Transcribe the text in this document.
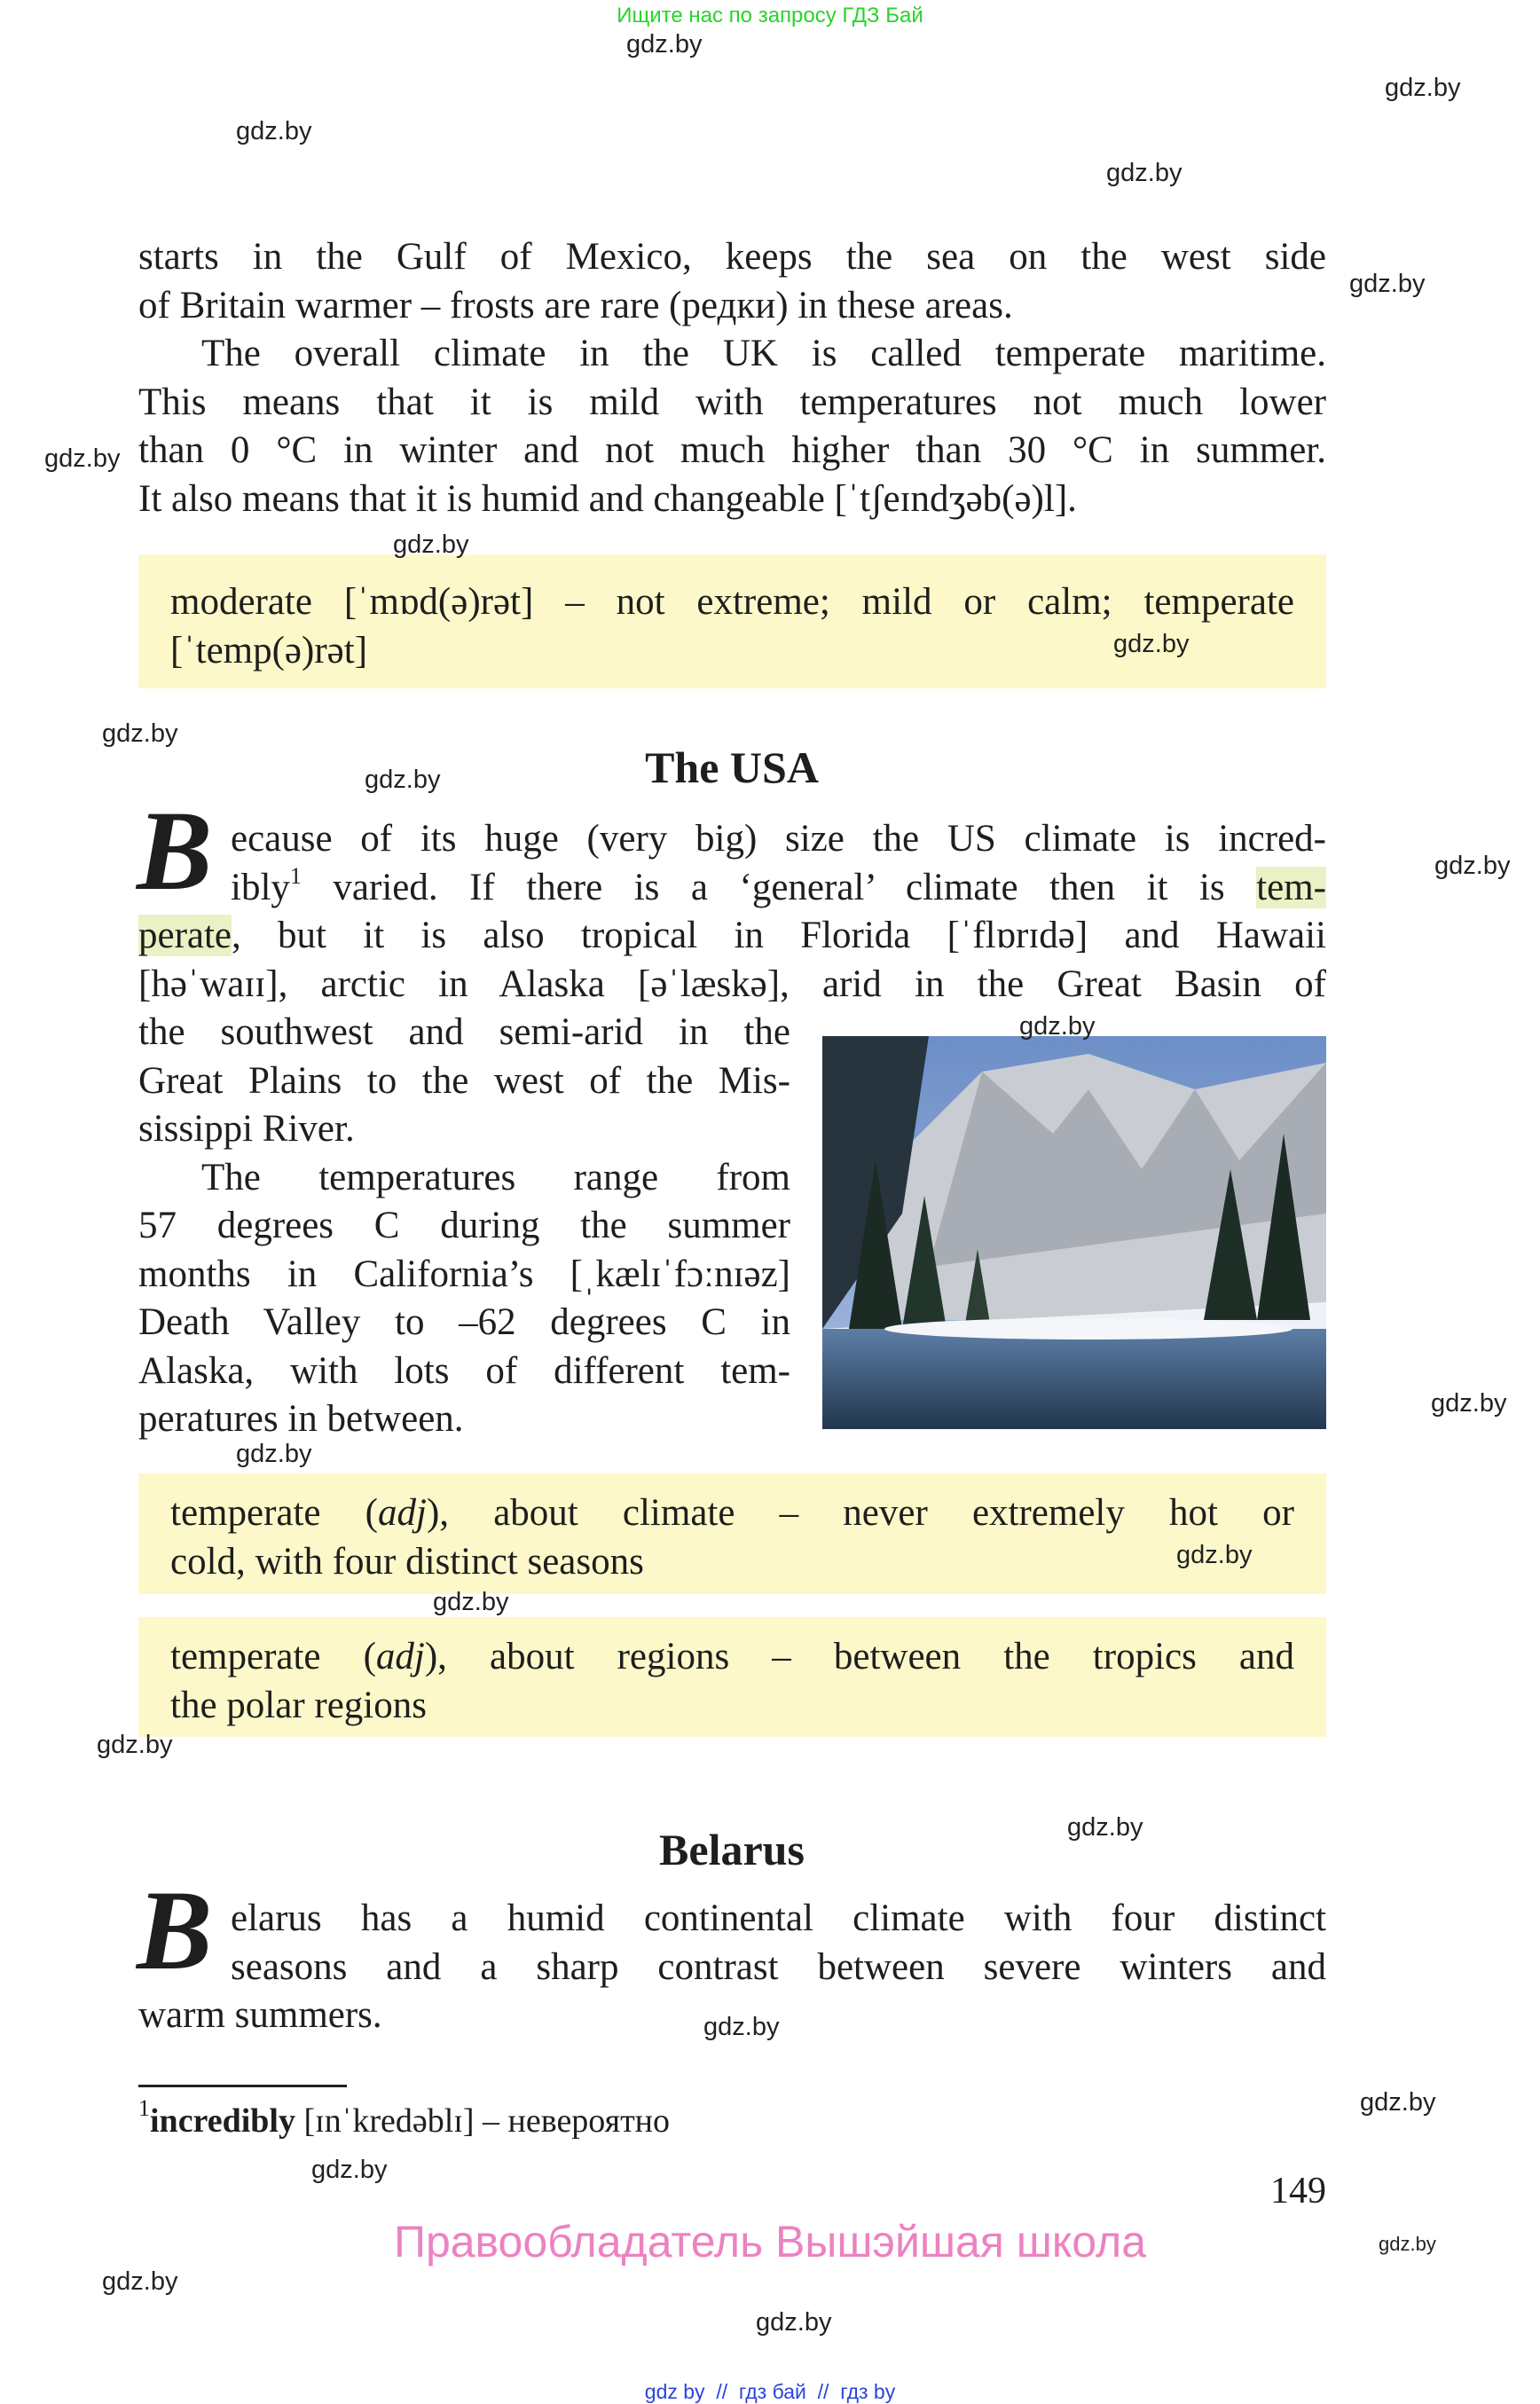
Ищите нас по запросу ГДЗ Бай
starts in the Gulf of Mexico, keeps the sea on the west side
of Britain warmer – frosts are rare (редки) in these areas.
The overall climate in the UK is called temperate maritime.
This means that it is mild with temperatures not much lower
than 0 °C in winter and not much higher than 30 °C in summer.
It also means that it is humid and changeable [ˈtʃeɪndʒəb(ə)l].
moderate [ˈmɒd(ə)rət] – not extreme; mild or calm; temperate
[ˈtemp(ə)rət]
The USA
B ecause of its huge (very big) size the US climate is incred-
ibly$^1$ varied. If there is a ‘general’ climate then it is tem-
perate, but it is also tropical in Florida [ˈflɒrɪdə] and Hawaii
[həˈwaɪɪ], arctic in Alaska [əˈlæskə], arid in the Great Basin of
the southwest and semi-arid in the
Great Plains to the west of the Mis-
sissippi River.
The temperatures range from
57 degrees C during the summer
months in California’s [ˌkælɪˈfɔːnɪəz]
Death Valley to –62 degrees C in
Alaska, with lots of different tem-
peratures in between.
temperate (adj), about climate – never extremely hot or
cold, with four distinct seasons
temperate (adj), about regions – between the tropics and
the polar regions
Belarus
B elarus has a humid continental climate with four distinct
seasons and a sharp contrast between severe winters and
warm summers.
$^1$incredibly [ɪnˈkredəblɪ] – невероятно
149
Правообладатель Вышэйшая школа
gdz by  //  гдз бай  //  гдз by
gdz.by
gdz.by
gdz.by
gdz.by
gdz.by
gdz.by
gdz.by
gdz.by
gdz.by
gdz.by
gdz.by
gdz.by
gdz.by
gdz.by
gdz.by
gdz.by
gdz.by
gdz.by
gdz.by
gdz.by
gdz.by
gdz.by
gdz.by
gdz.by
